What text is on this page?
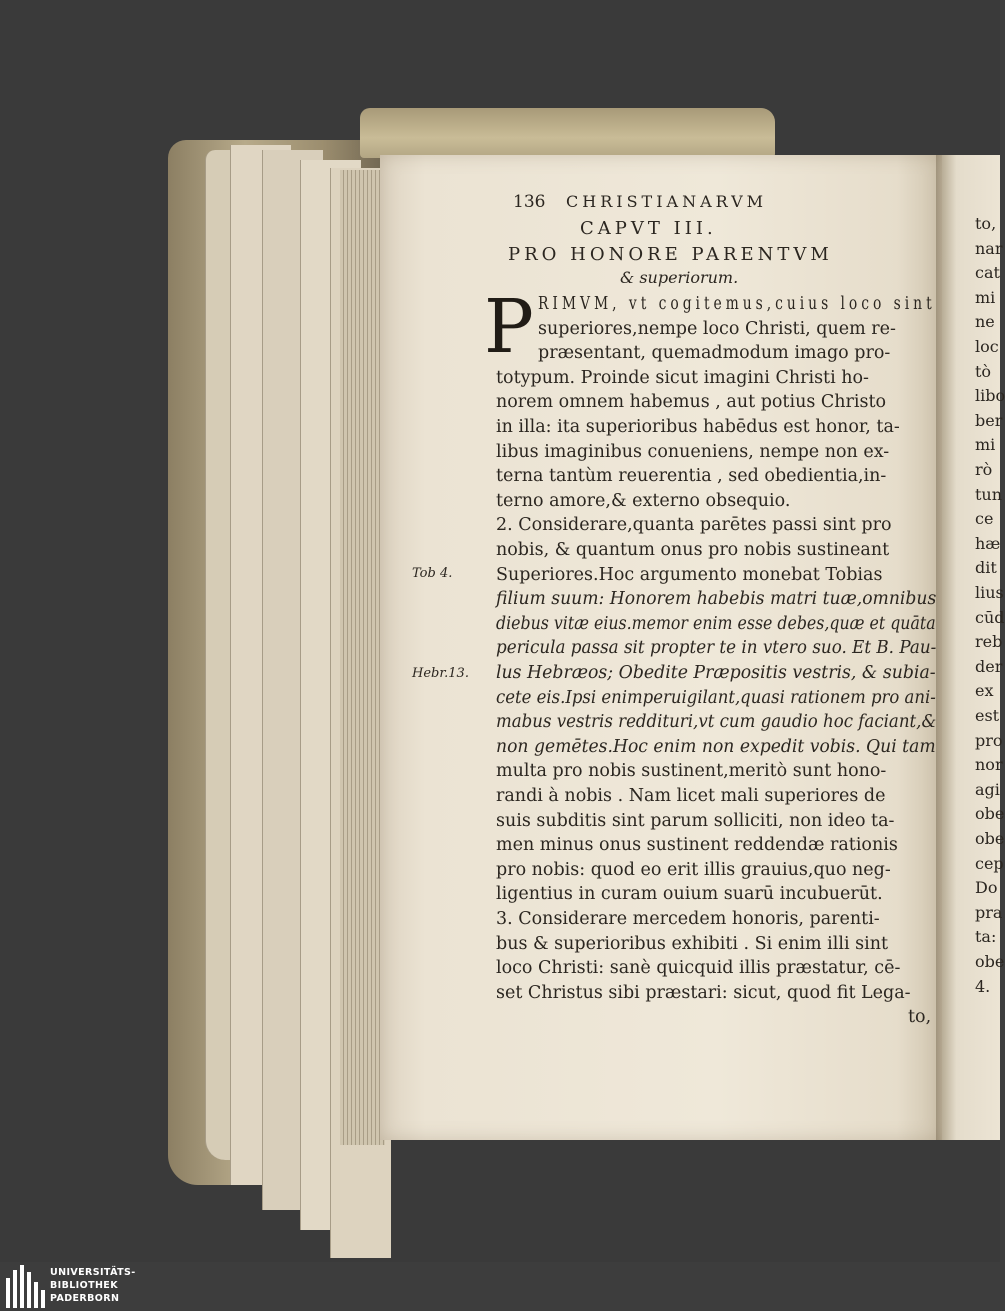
136 CHRISTIANARVM
CAPVT III.
PRO HONORE PARENTVM
& superiorum.
P RIMVM, vt cogitemus,cuius loco sint
superiores,nempe loco Christi, quem re-
præsentant, quemadmodum imago pro-
totypum. Proinde sicut imagini Christi ho-
norem omnem habemus , aut potius Christo
in illa: ita superioribus habēdus est honor, ta-
libus imaginibus conueniens, nempe non ex-
terna tantùm reuerentia , sed obedientia,in-
terno amore,& externo obsequio.
2. Considerare,quanta parētes passi sint pro
nobis, & quantum onus pro nobis sustineant
Superiores.Hoc argumento monebat Tobias
filium suum: Honorem habebis matri tuæ,omnibus
diebus vitæ eius.memor enim esse debes,quæ et quāta
pericula passa sit propter te in vtero suo. Et B. Pau-
lus Hebræos; Obedite Præpositis vestris, & subia-
cete eis.Ipsi enimperuigilant,quasi rationem pro ani-
mabus vestris reddituri,vt cum gaudio hoc faciant,&
non gemētes.Hoc enim non expedit vobis. Qui tam
multa pro nobis sustinent,meritò sunt hono-
randi à nobis . Nam licet mali superiores de
suis subditis sint parum solliciti, non ideo ta-
men minus onus sustinent reddendæ rationis
pro nobis: quod eo erit illis grauius,quo neg-
ligentius in curam ouium suarū incubuerūt.
3. Considerare mercedem honoris, parenti-
bus & superioribus exhibiti . Si enim illi sint
loco Christi: sanè quicquid illis præstatur, cē-
set Christus sibi præstari: sicut, quod fit Lega-
to,
Tob 4.
Hebr.13.
to,
nar
cat
mi
ne
loc
tò
libo
ber
mi
rò
tun
ce
hæ
dit
lius
cūd
reb
der
ex
est
pro
nor
agi
obe
obe
cep
Do
pra
ta:
obe
4.
UNIVERSITÄTS-
BIBLIOTHEK
PADERBORN
